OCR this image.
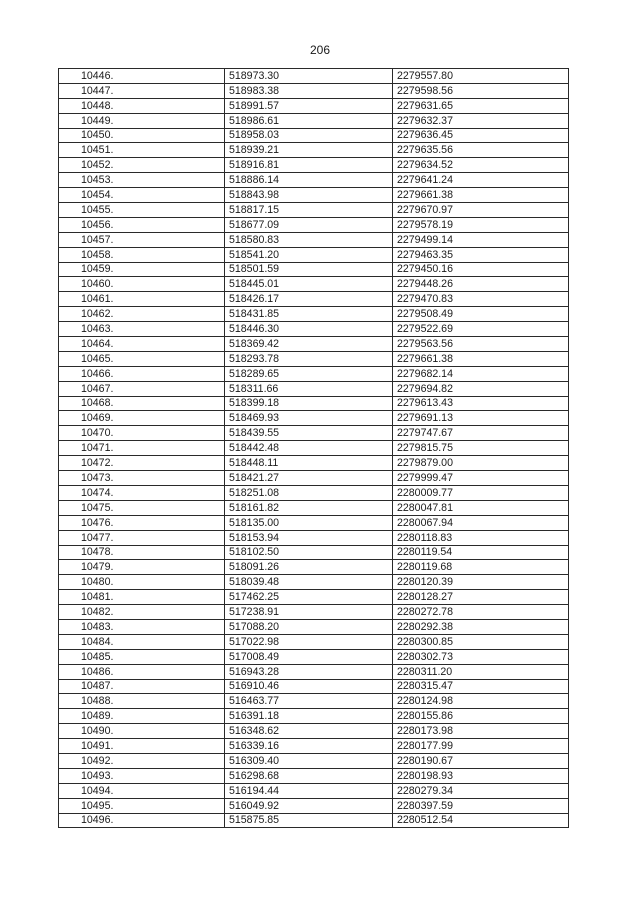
206
10446.	518973.30	2279557.80
10447.	518983.38	2279598.56
10448.	518991.57	2279631.65
10449.	518986.61	2279632.37
10450.	518958.03	2279636.45
10451.	518939.21	2279635.56
10452.	518916.81	2279634.52
10453.	518886.14	2279641.24
10454.	518843.98	2279661.38
10455.	518817.15	2279670.97
10456.	518677.09	2279578.19
10457.	518580.83	2279499.14
10458.	518541.20	2279463.35
10459.	518501.59	2279450.16
10460.	518445.01	2279448.26
10461.	518426.17	2279470.83
10462.	518431.85	2279508.49
10463.	518446.30	2279522.69
10464.	518369.42	2279563.56
10465.	518293.78	2279661.38
10466.	518289.65	2279682.14
10467.	518311.66	2279694.82
10468.	518399.18	2279613.43
10469.	518469.93	2279691.13
10470.	518439.55	2279747.67
10471.	518442.48	2279815.75
10472.	518448.11	2279879.00
10473.	518421.27	2279999.47
10474.	518251.08	2280009.77
10475.	518161.82	2280047.81
10476.	518135.00	2280067.94
10477.	518153.94	2280118.83
10478.	518102.50	2280119.54
10479.	518091.26	2280119.68
10480.	518039.48	2280120.39
10481.	517462.25	2280128.27
10482.	517238.91	2280272.78
10483.	517088.20	2280292.38
10484.	517022.98	2280300.85
10485.	517008.49	2280302.73
10486.	516943.28	2280311.20
10487.	516910.46	2280315.47
10488.	516463.77	2280124.98
10489.	516391.18	2280155.86
10490.	516348.62	2280173.98
10491.	516339.16	2280177.99
10492.	516309.40	2280190.67
10493.	516298.68	2280198.93
10494.	516194.44	2280279.34
10495.	516049.92	2280397.59
10496.	515875.85	2280512.54
